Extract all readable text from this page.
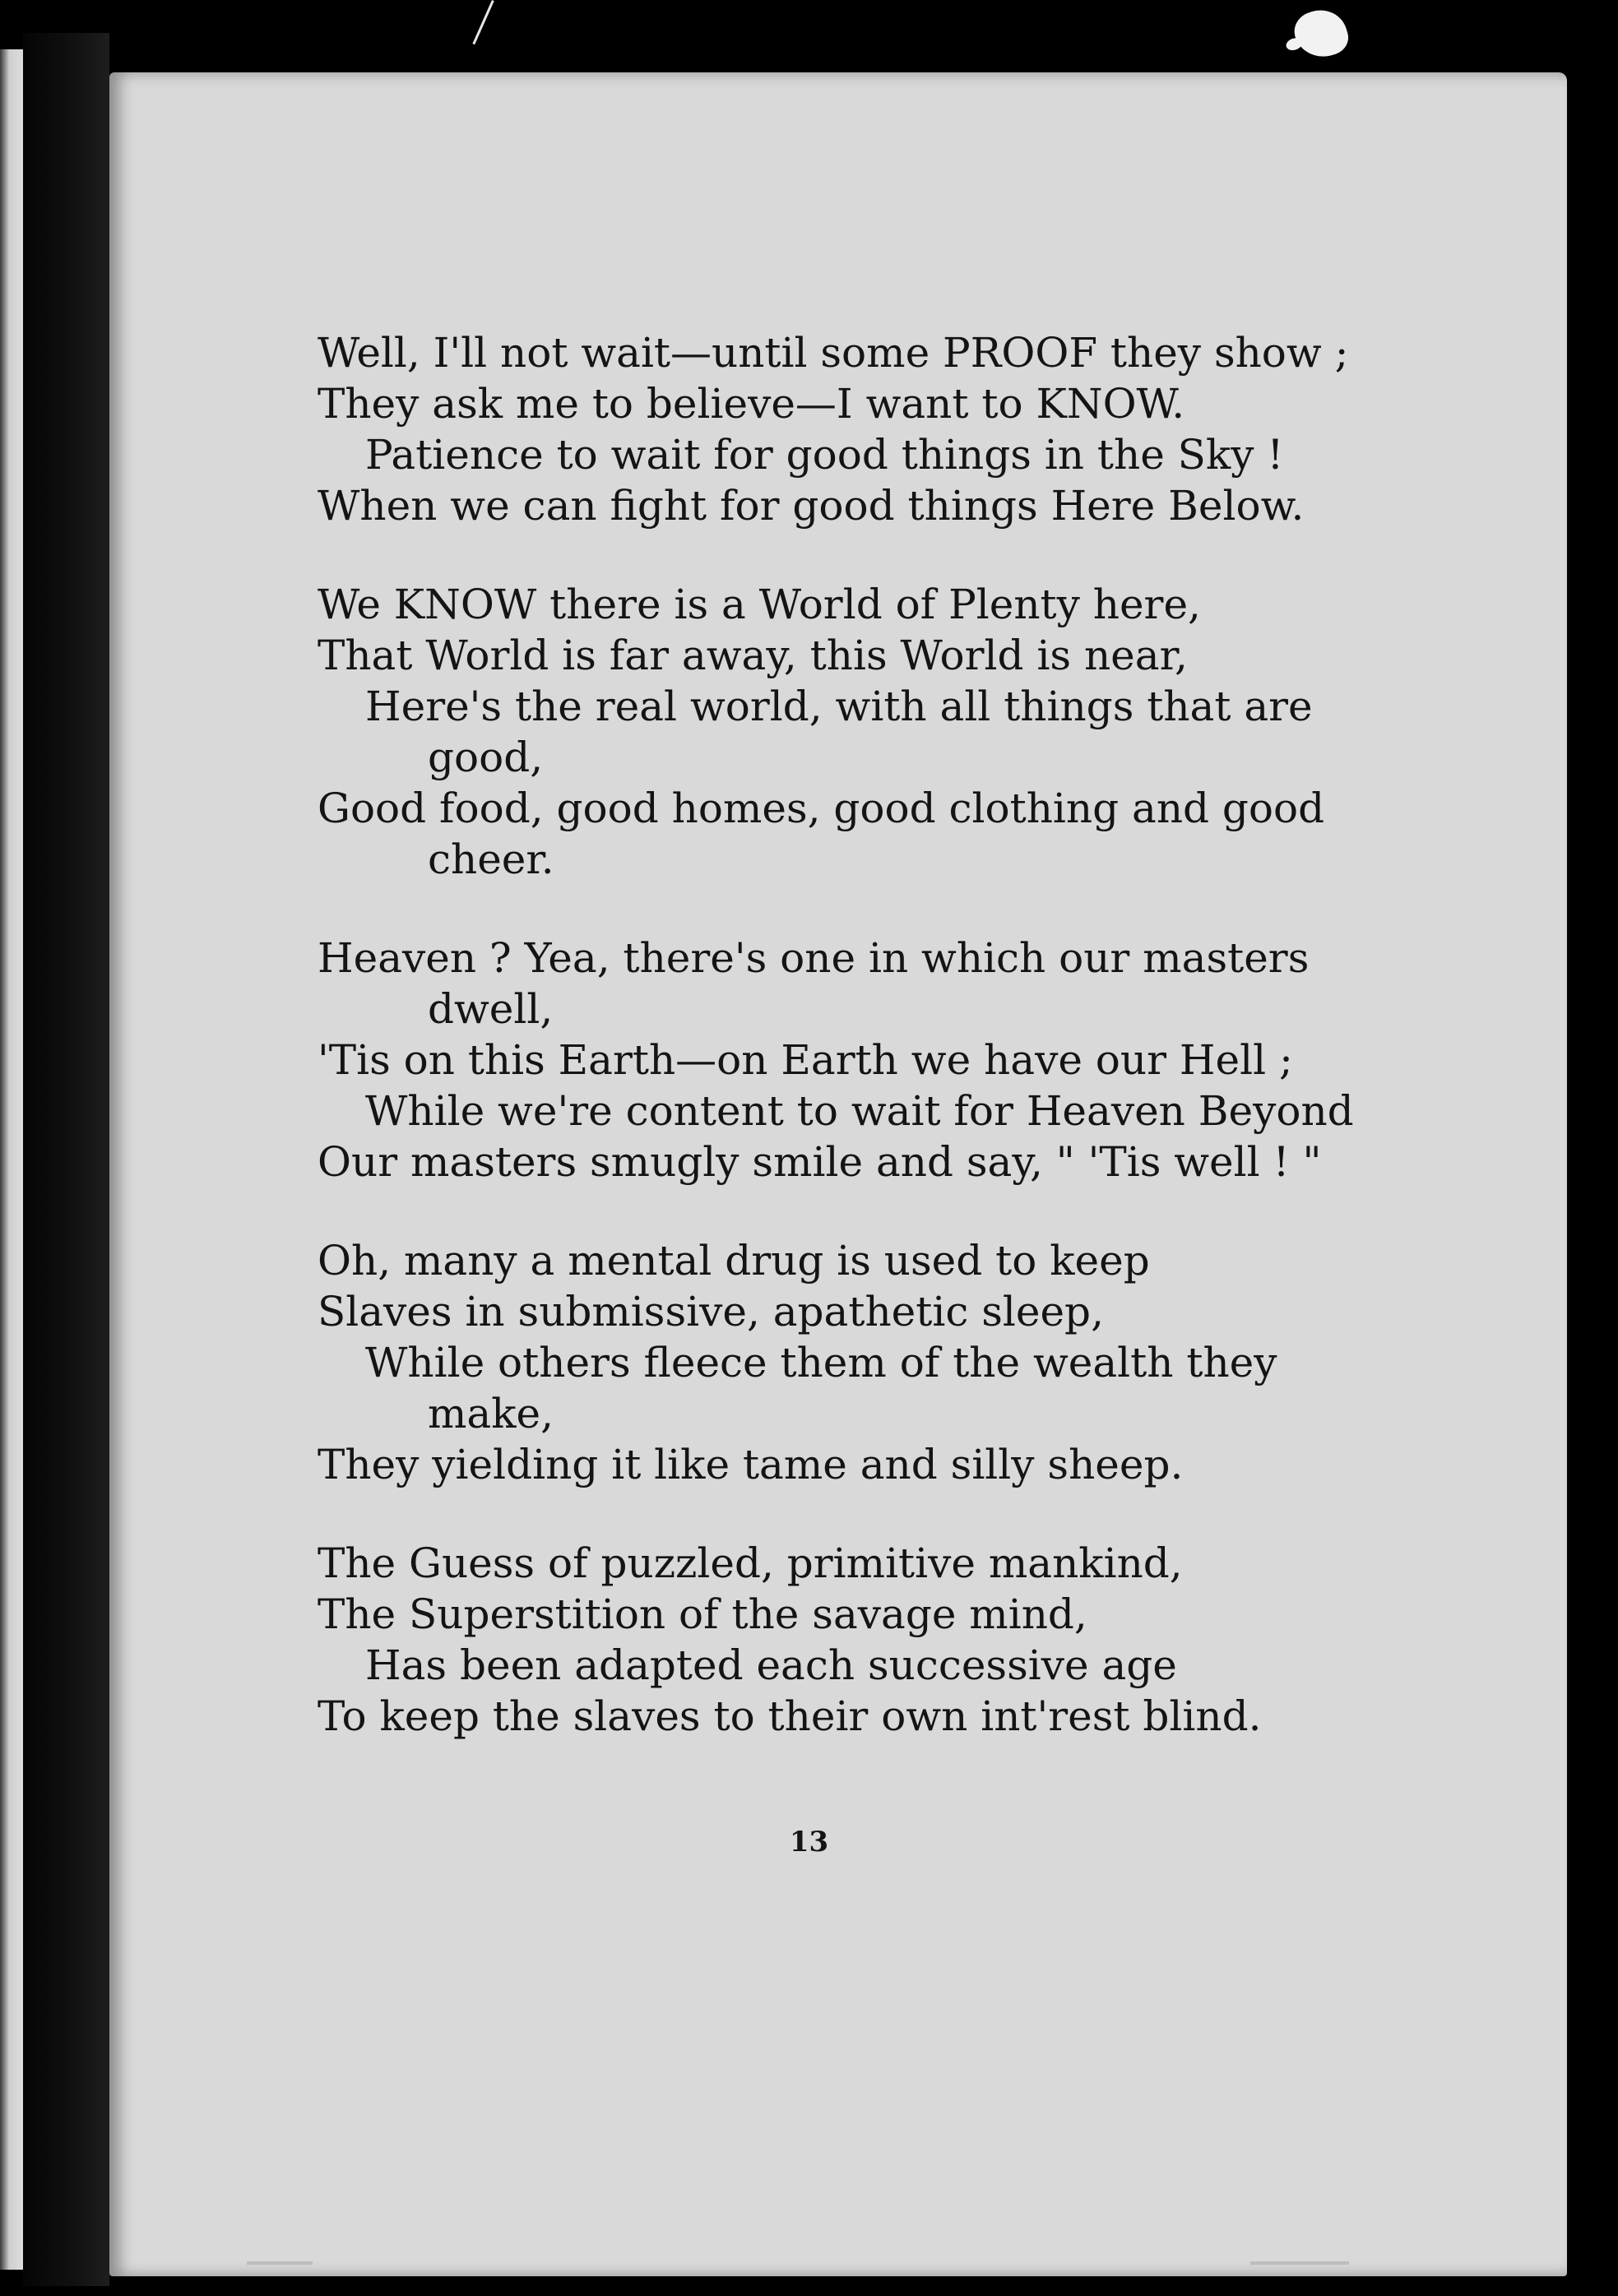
Well, I'll not wait—until some PROOF they show ;
They ask me to believe—I want to KNOW.
Patience to wait for good things in the Sky !
When we can fight for good things Here Below.
We KNOW there is a World of Plenty here,
That World is far away, this World is near,
Here's the real world, with all things that are
good,
Good food, good homes, good clothing and good
cheer.
Heaven ? Yea, there's one in which our masters
dwell,
'Tis on this Earth—on Earth we have our Hell ;
While we're content to wait for Heaven Beyond
Our masters smugly smile and say, " 'Tis well ! "
Oh, many a mental drug is used to keep
Slaves in submissive, apathetic sleep,
While others fleece them of the wealth they
make,
They yielding it like tame and silly sheep.
The Guess of puzzled, primitive mankind,
The Superstition of the savage mind,
Has been adapted each successive age
To keep the slaves to their own int'rest blind.
13
